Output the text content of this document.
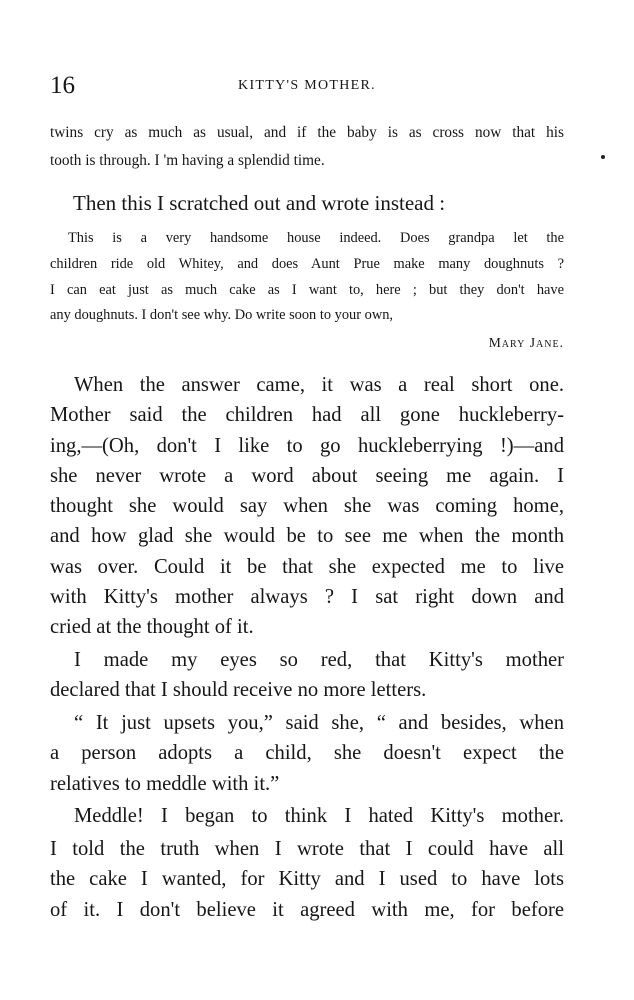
16	KITTY'S MOTHER.
twins cry as much as usual, and if the baby is as cross now that his
tooth is through. I 'm having a splendid time.
Then this I scratched out and wrote instead :
This is a very handsome house indeed. Does grandpa let the
children ride old Whitey, and does Aunt Prue make many doughnuts ?
I can eat just as much cake as I want to, here ; but they don't have
any doughnuts. I don't see why. Do write soon to your own,
Mary Jane.
When the answer came, it was a real short one.
Mother said the children had all gone huckleberry-
ing,—(Oh, don't I like to go huckleberrying !)—and
she never wrote a word about seeing me again. I
thought she would say when she was coming home,
and how glad she would be to see me when the month
was over. Could it be that she expected me to live
with Kitty's mother always ? I sat right down and
cried at the thought of it.
I made my eyes so red, that Kitty's mother
declared that I should receive no more letters.
“ It just upsets you,” said she, “ and besides, when
a person adopts a child, she doesn't expect the
relatives to meddle with it.”
Meddle! I began to think I hated Kitty's mother.
I told the truth when I wrote that I could have all
the cake I wanted, for Kitty and I used to have lots
of it. I don't believe it agreed with me, for before
